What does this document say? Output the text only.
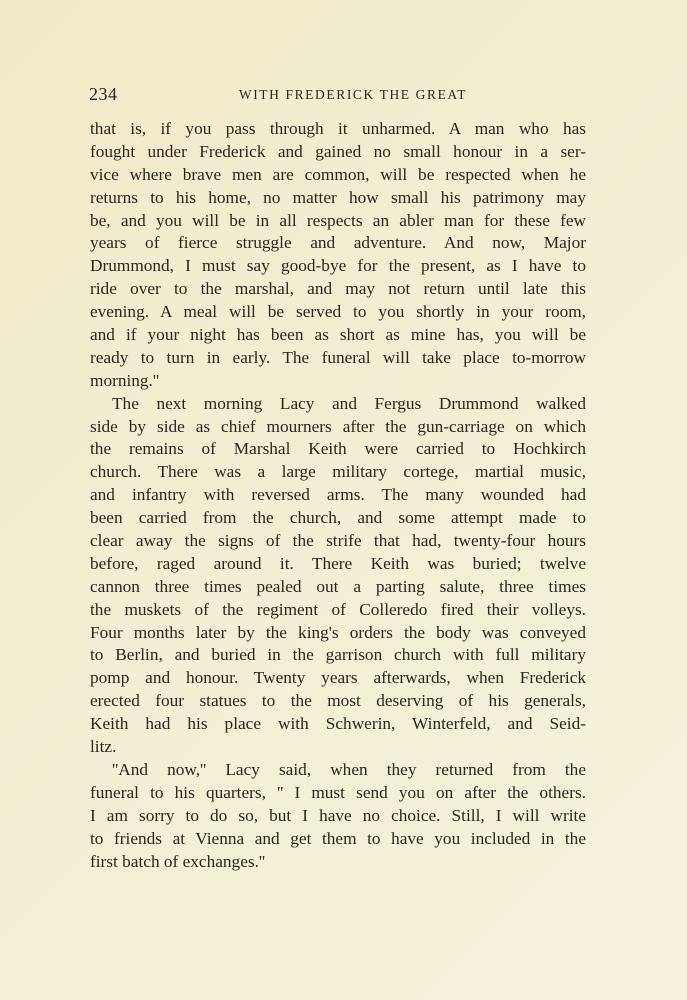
234	WITH FREDERICK THE GREAT
that is, if you pass through it unharmed. A man who has
fought under Frederick and gained no small honour in a ser-
vice where brave men are common, will be respected when he
returns to his home, no matter how small his patrimony may
be, and you will be in all respects an abler man for these few
years of fierce struggle and adventure. And now, Major
Drummond, I must say good-bye for the present, as I have to
ride over to the marshal, and may not return until late this
evening. A meal will be served to you shortly in your room,
and if your night has been as short as mine has, you will be
ready to turn in early. The funeral will take place to-morrow
morning.''
The next morning Lacy and Fergus Drummond walked
side by side as chief mourners after the gun-carriage on which
the remains of Marshal Keith were carried to Hochkirch
church. There was a large military cortege, martial music,
and infantry with reversed arms. The many wounded had
been carried from the church, and some attempt made to
clear away the signs of the strife that had, twenty-four hours
before, raged around it. There Keith was buried; twelve
cannon three times pealed out a parting salute, three times
the muskets of the regiment of Colleredo fired their volleys.
Four months later by the king's orders the body was conveyed
to Berlin, and buried in the garrison church with full military
pomp and honour. Twenty years afterwards, when Frederick
erected four statues to the most deserving of his generals,
Keith had his place with Schwerin, Winterfeld, and Seid-
litz.
''And now,'' Lacy said, when they returned from the
funeral to his quarters, '' I must send you on after the others.
I am sorry to do so, but I have no choice. Still, I will write
to friends at Vienna and get them to have you included in the
first batch of exchanges.''
